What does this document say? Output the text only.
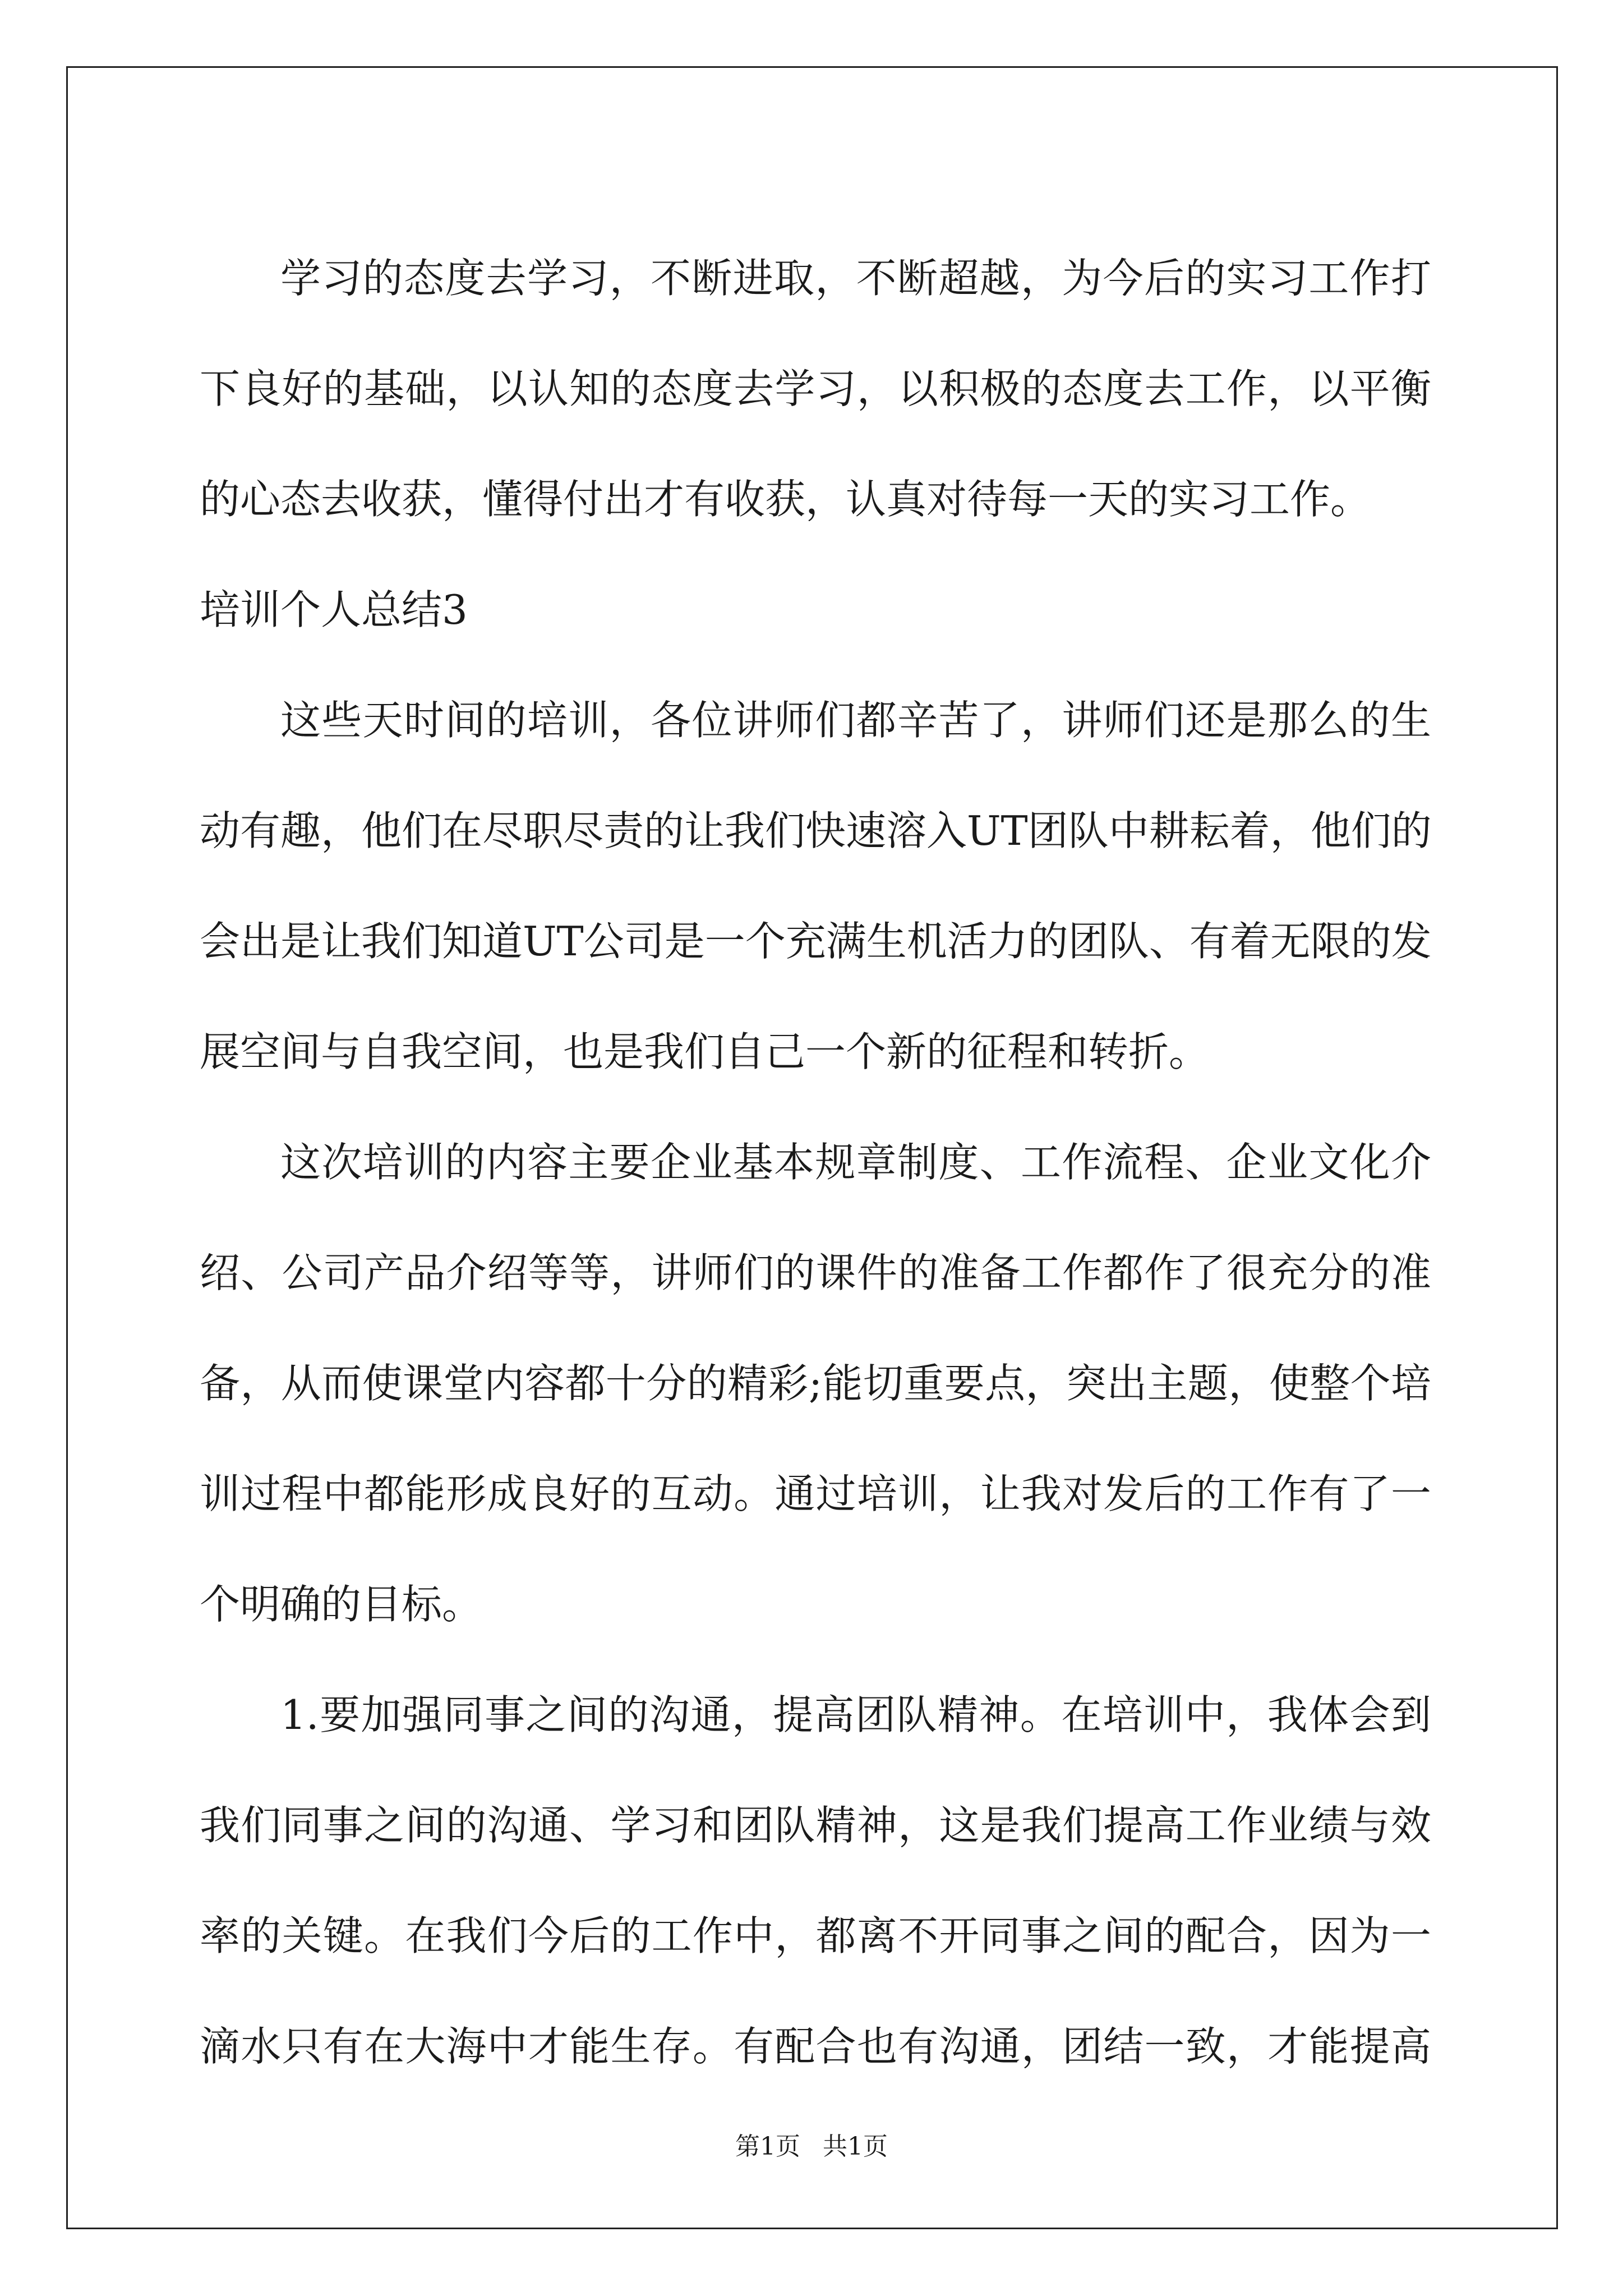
学习的态度去学习，不断进取，不断超越，为今后的实习工作打
下良好的基础，以认知的态度去学习，以积极的态度去工作，以平衡
的心态去收获，懂得付出才有收获，认真对待每一天的实习工作。
培训个人总结3
这些天时间的培训，各位讲师们都辛苦了，讲师们还是那么的生
动有趣，他们在尽职尽责的让我们快速溶入UT团队中耕耘着，他们的
会出是让我们知道UT公司是一个充满生机活力的团队、有着无限的发
展空间与自我空间，也是我们自己一个新的征程和转折。
这次培训的内容主要企业基本规章制度、工作流程、企业文化介
绍、公司产品介绍等等，讲师们的课件的准备工作都作了很充分的准
备，从而使课堂内容都十分的精彩;能切重要点，突出主题，使整个培
训过程中都能形成良好的互动。通过培训，让我对发后的工作有了一
个明确的目标。
1.要加强同事之间的沟通，提高团队精神。在培训中，我体会到
我们同事之间的沟通、学习和团队精神，这是我们提高工作业绩与效
率的关键。在我们今后的工作中，都离不开同事之间的配合，因为一
滴水只有在大海中才能生存。有配合也有沟通，团结一致，才能提高
第1页 共1页
